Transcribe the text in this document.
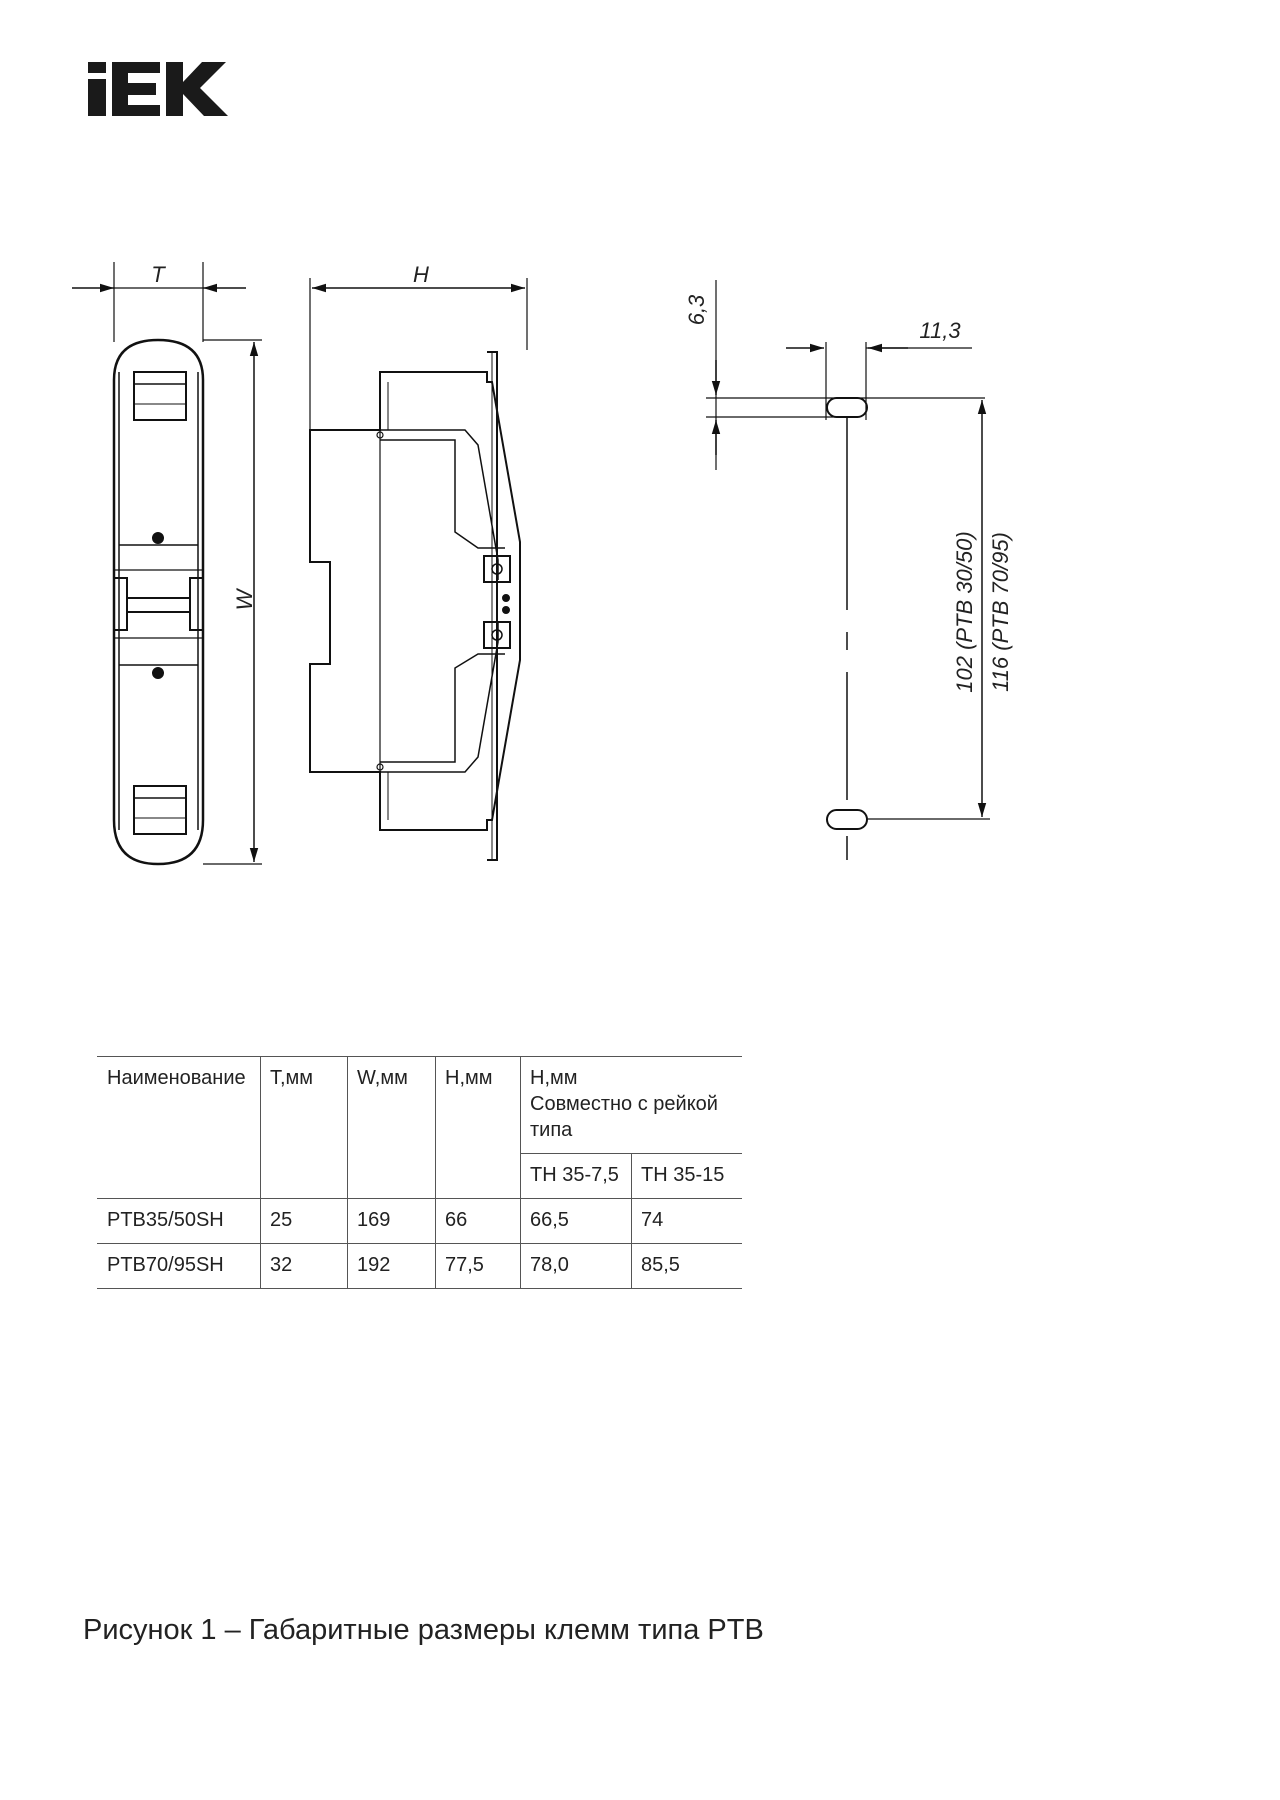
T
W
H
6,3
11,3
102 (PTB 30/50) 116 (PTB 70/95)
Наименование	T,мм	W,мм	H,мм	H,мм
Совместно с рейкой
типа	

				TH 35-7,5	TH 35-15
PTB35/50SH	25	169	66	66,5	74
PTB70/95SH	32	192	77,5	78,0	85,5
Рисунок 1 – Габаритные размеры клемм типа PTB
